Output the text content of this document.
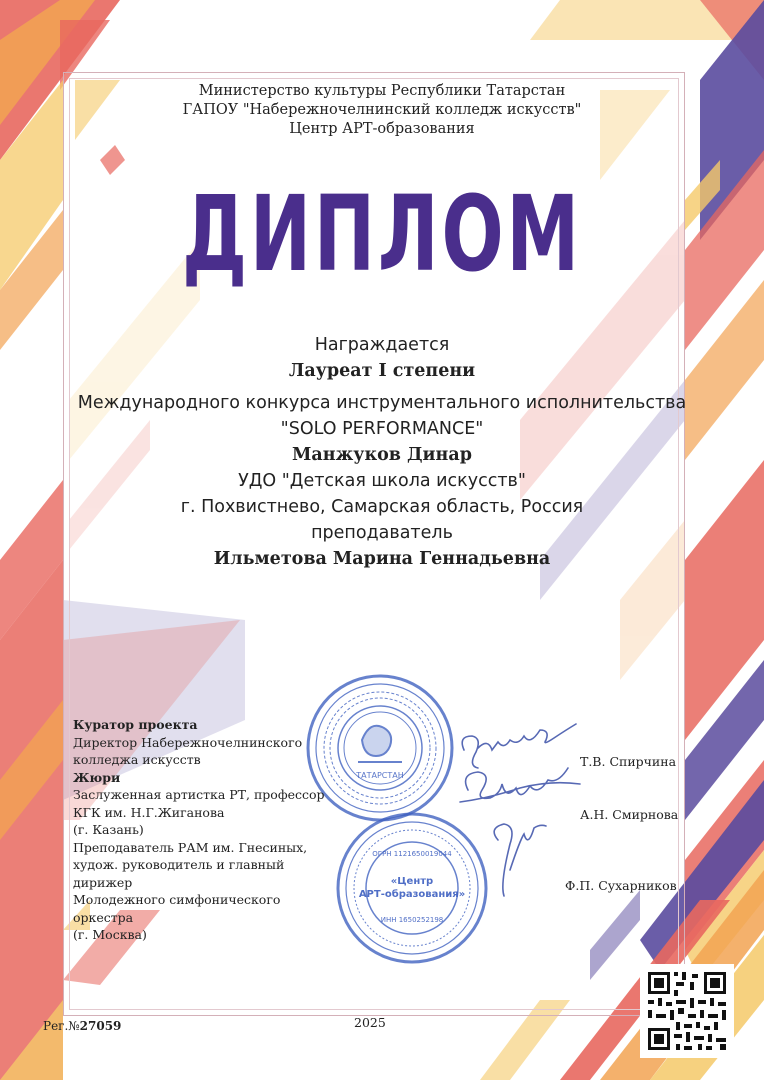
Министерство культуры Республики Татарстан
ГАПОУ "Набережночелнинский колледж искусств"
Центр АРТ-образования
ДИПЛОМ
Награждается
Лауреат I степени
Международного конкурса инструментального исполнительства
"SOLO PERFORMANCE"
Манжуков Динар
УДО "Детская школа искусств"
г. Похвистнево, Самарская область, Россия
преподаватель
Ильметова Марина Геннадьевна
ТАТАРСТАН
ОГРН 1121650019044
«Центр
АРТ-образования»
ИНН 1650252198
Куратор проекта
Директор Набережночелнинского
колледжа искусств
Жюри
Заслуженная артистка РТ, профессор
КГК им. Н.Г.Жиганова
(г. Казань)
Преподаватель РАМ им. Гнесиных,
худож. руководитель и главный дирижер
Молодежного симфонического оркестра
(г. Москва)
Т.В. Спирчина
А.Н. Смирнова
Ф.П. Сухарников
Рег.№27059	2025
